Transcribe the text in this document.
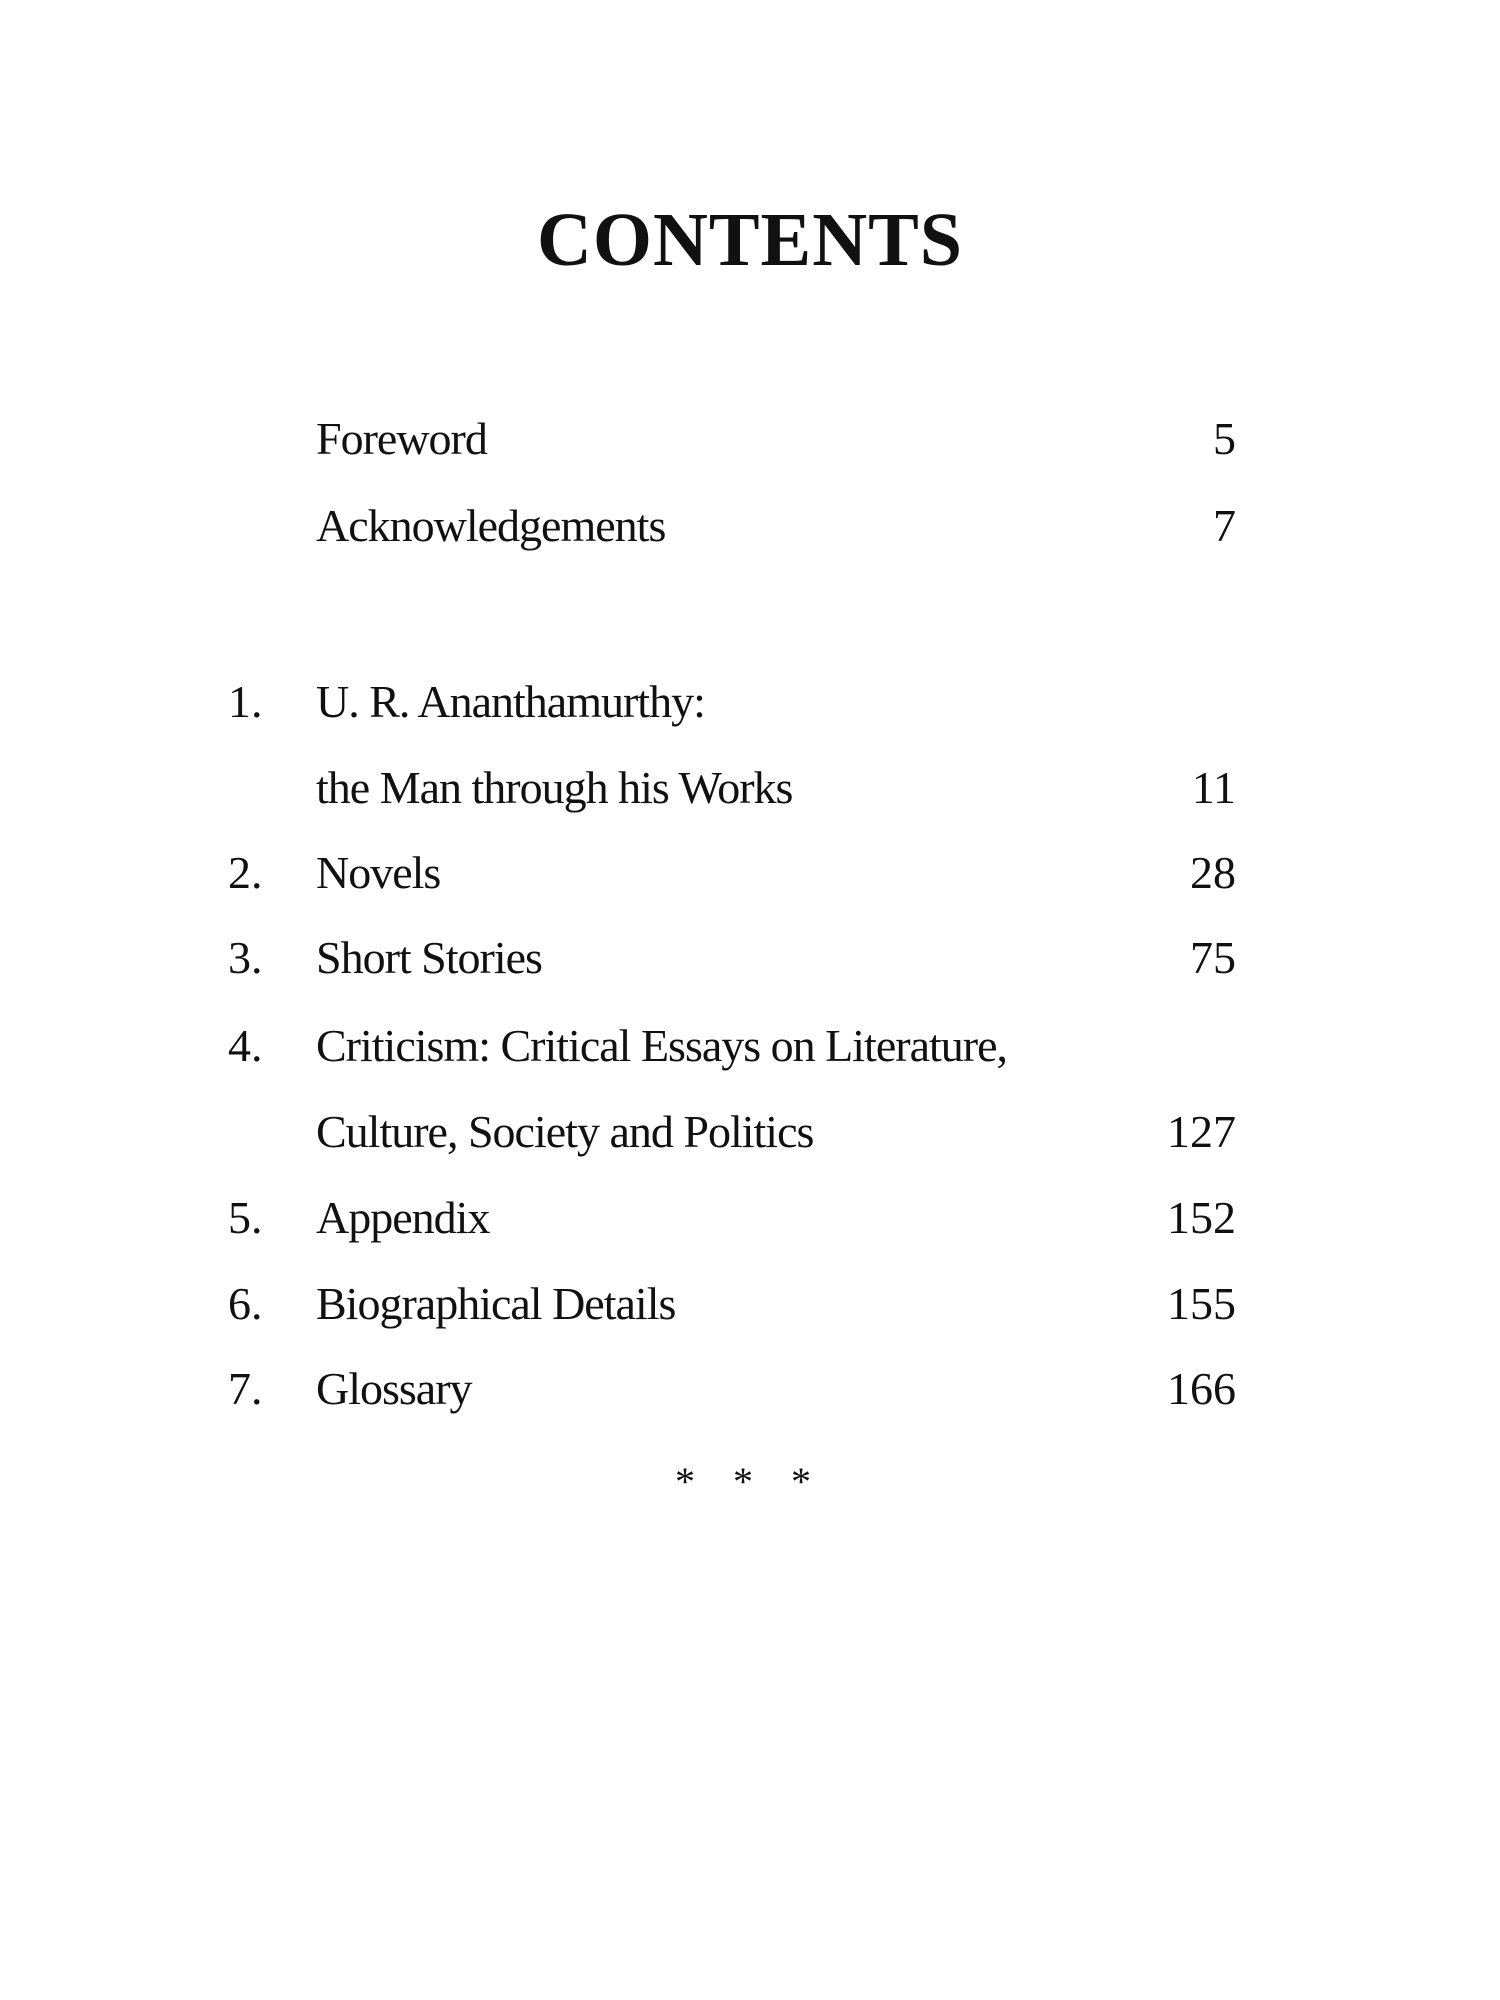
CONTENTS
Foreword	5
Acknowledgements	7
1.	U. R. Ananthamurthy:
the Man through his Works	11
2.	Novels	28
3.	Short Stories	75
4.	Criticism: Critical Essays on Literature,
Culture, Society and Politics	127
5.	Appendix	152
6.	Biographical Details	155
7.	Glossary	166
* * *
